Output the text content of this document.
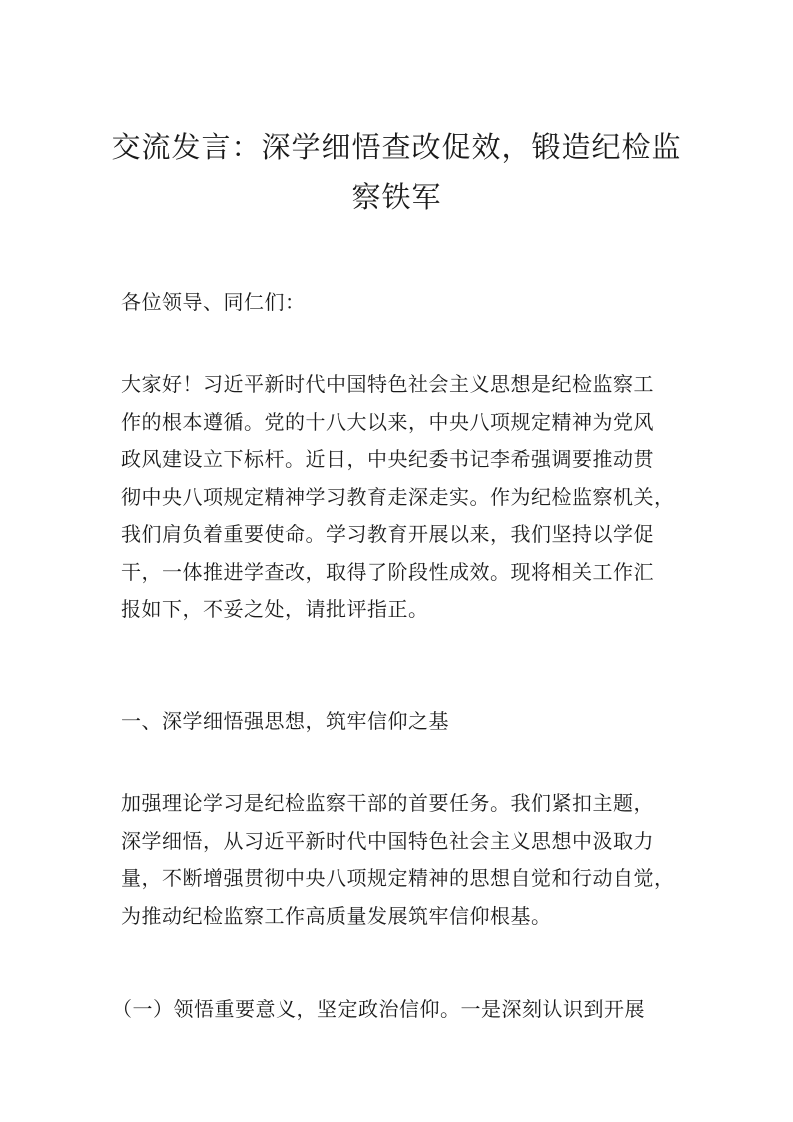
交流发言：深学细悟查改促效，锻造纪检监
察铁军

各位领导、同仁们：

大家好！习近平新时代中国特色社会主义思想是纪检监察工
作的根本遵循。党的十八大以来，中央八项规定精神为党风
政风建设立下标杆。近日，中央纪委书记李希强调要推动贯
彻中央八项规定精神学习教育走深走实。作为纪检监察机关，
我们肩负着重要使命。学习教育开展以来，我们坚持以学促
干，一体推进学查改，取得了阶段性成效。现将相关工作汇
报如下，不妥之处，请批评指正。

一、深学细悟强思想，筑牢信仰之基

加强理论学习是纪检监察干部的首要任务。我们紧扣主题，
深学细悟，从习近平新时代中国特色社会主义思想中汲取力
量，不断增强贯彻中央八项规定精神的思想自觉和行动自觉，
为推动纪检监察工作高质量发展筑牢信仰根基。

（一）领悟重要意义，坚定政治信仰。一是深刻认识到开展
